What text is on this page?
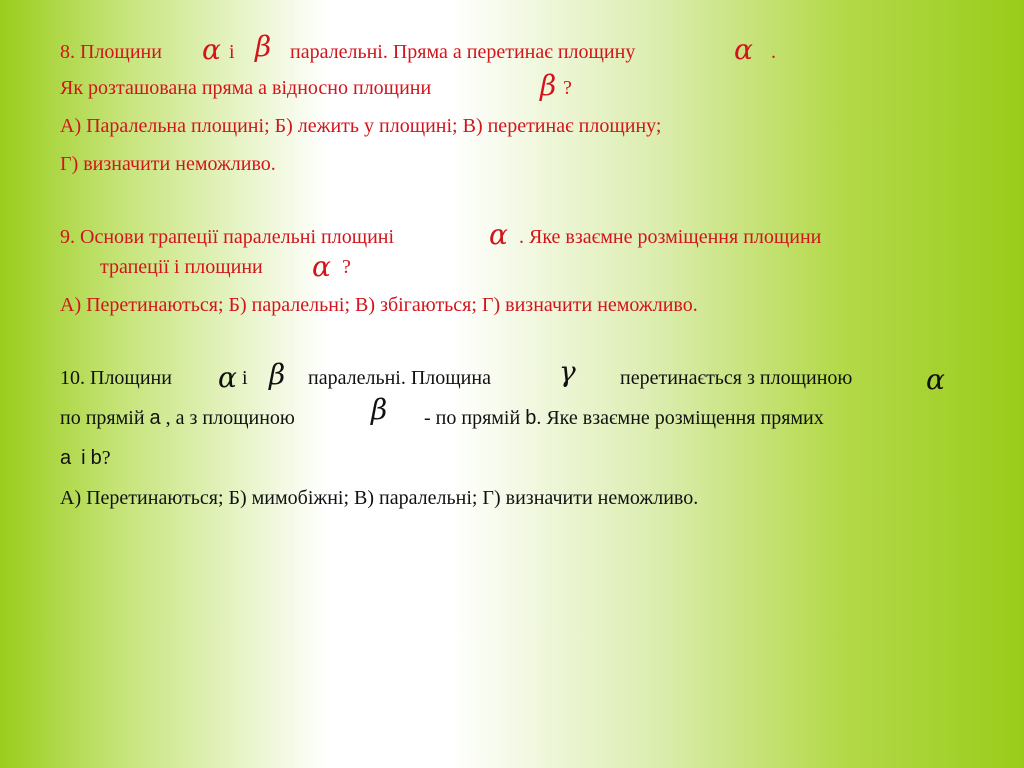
8. Площини α і β паралельні. Пряма а перетинає площину	α .
Як розташована пряма а відносно площини	β ?
А) Паралельна площині; Б) лежить у площині; В) перетинає площину;
Г) визначити неможливо.
9. Основи трапеції паралельні площині	α . Яке взаємне розміщення площини
трапеції і площини α ?
А) Перетинаються; Б) паралельні; В) збігаються; Г) визначити неможливо.
10. Площини α і β паралельні. Площина γ перетинається з площиною	α
по прямій а , а з площиною	β - по прямій b. Яке взаємне розміщення прямих
а і b?
А) Перетинаються; Б) мимобіжні; В) паралельні; Г) визначити неможливо.
